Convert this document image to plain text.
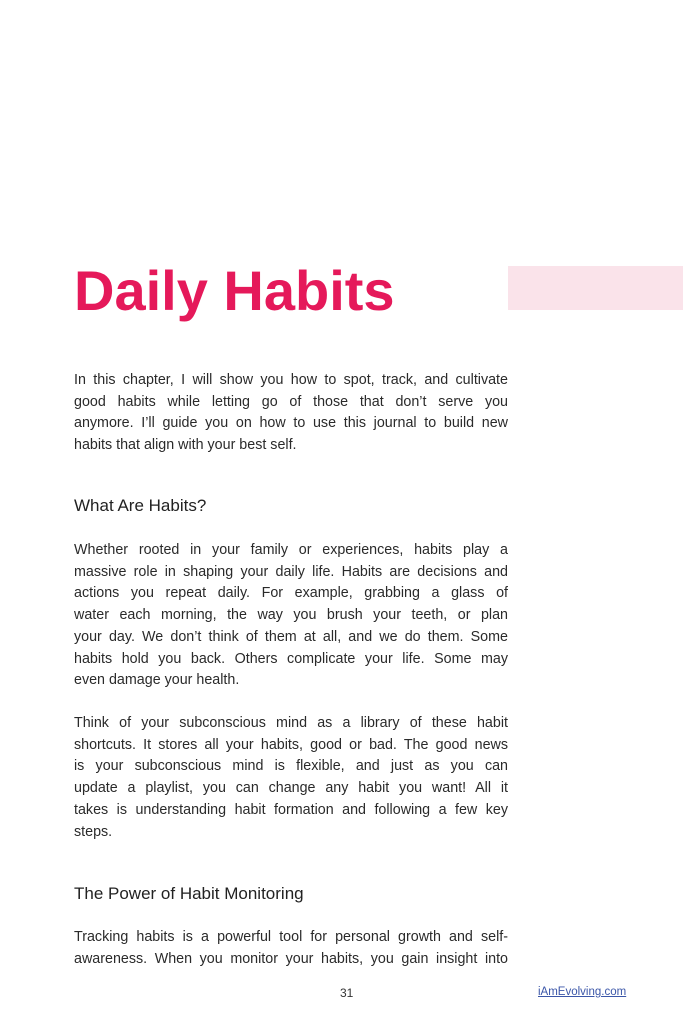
Daily Habits
In this chapter, I will show you how to spot, track, and cultivate
good habits while letting go of those that don’t serve you
anymore. I’ll guide you on how to use this journal to build new
habits that align with your best self.
What Are Habits?
Whether rooted in your family or experiences, habits play a
massive role in shaping your daily life. Habits are decisions and
actions you repeat daily. For example, grabbing a glass of
water each morning, the way you brush your teeth, or plan
your day. We don’t think of them at all, and we do them. Some
habits hold you back. Others complicate your life. Some may
even damage your health.
Think of your subconscious mind as a library of these habit
shortcuts. It stores all your habits, good or bad. The good news
is your subconscious mind is flexible, and just as you can
update a playlist, you can change any habit you want! All it
takes is understanding habit formation and following a few key
steps.
The Power of Habit Monitoring
Tracking habits is a powerful tool for personal growth and self-
awareness. When you monitor your habits, you gain insight into
31	iAmEvolving.com
